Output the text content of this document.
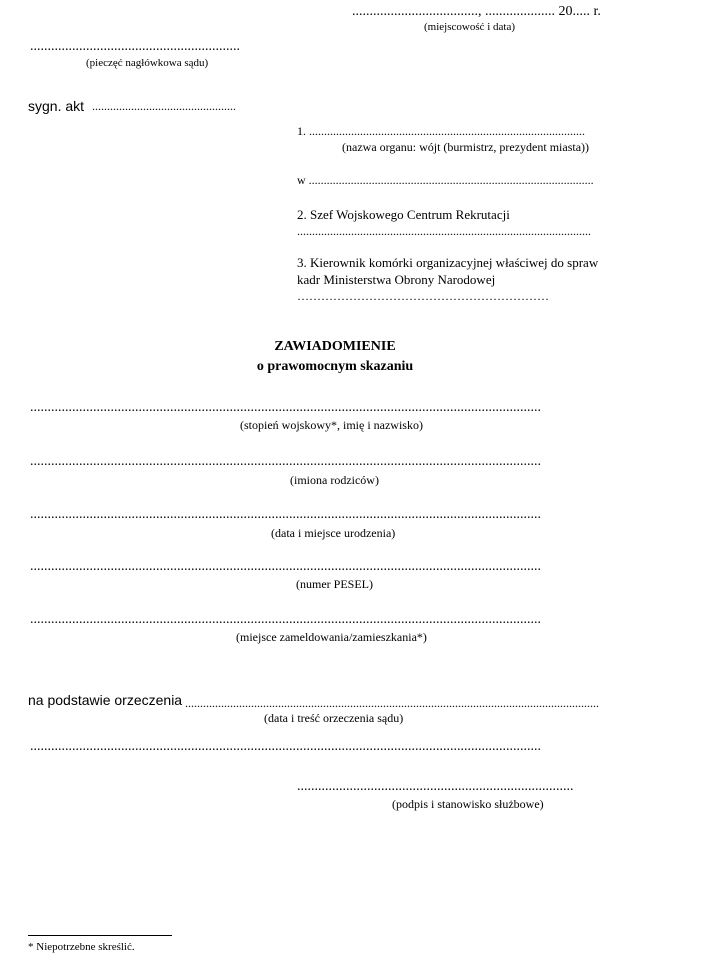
...................................., .................... 20..... r.
(miejscowość i data)
............................................................
(pieczęć nagłówkowa sądu)
sygn. akt ................................................
1. ............................................................................................
(nazwa organu: wójt (burmistrz, prezydent miasta))
w ...............................................................................................
2. Szef Wojskowego Centrum Rekrutacji
..................................................................................................
3. Kierownik komórki organizacyjnej właściwej do spraw
kadr Ministerstwa Obrony Narodowej
………………………………………………………
ZAWIADOMIENIE
o prawomocnym skazaniu
..................................................................................................................................................
(stopień wojskowy*, imię i nazwisko)
..................................................................................................................................................
(imiona rodziców)
..................................................................................................................................................
(data i miejsce urodzenia)
..................................................................................................................................................
(numer PESEL)
..................................................................................................................................................
(miejsce zameldowania/zamieszkania*)
na podstawie orzeczenia ..........................................................................................................................................
(data i treść orzeczenia sądu)
..................................................................................................................................................
...............................................................................
(podpis i stanowisko służbowe)
* Niepotrzebne skreślić.
